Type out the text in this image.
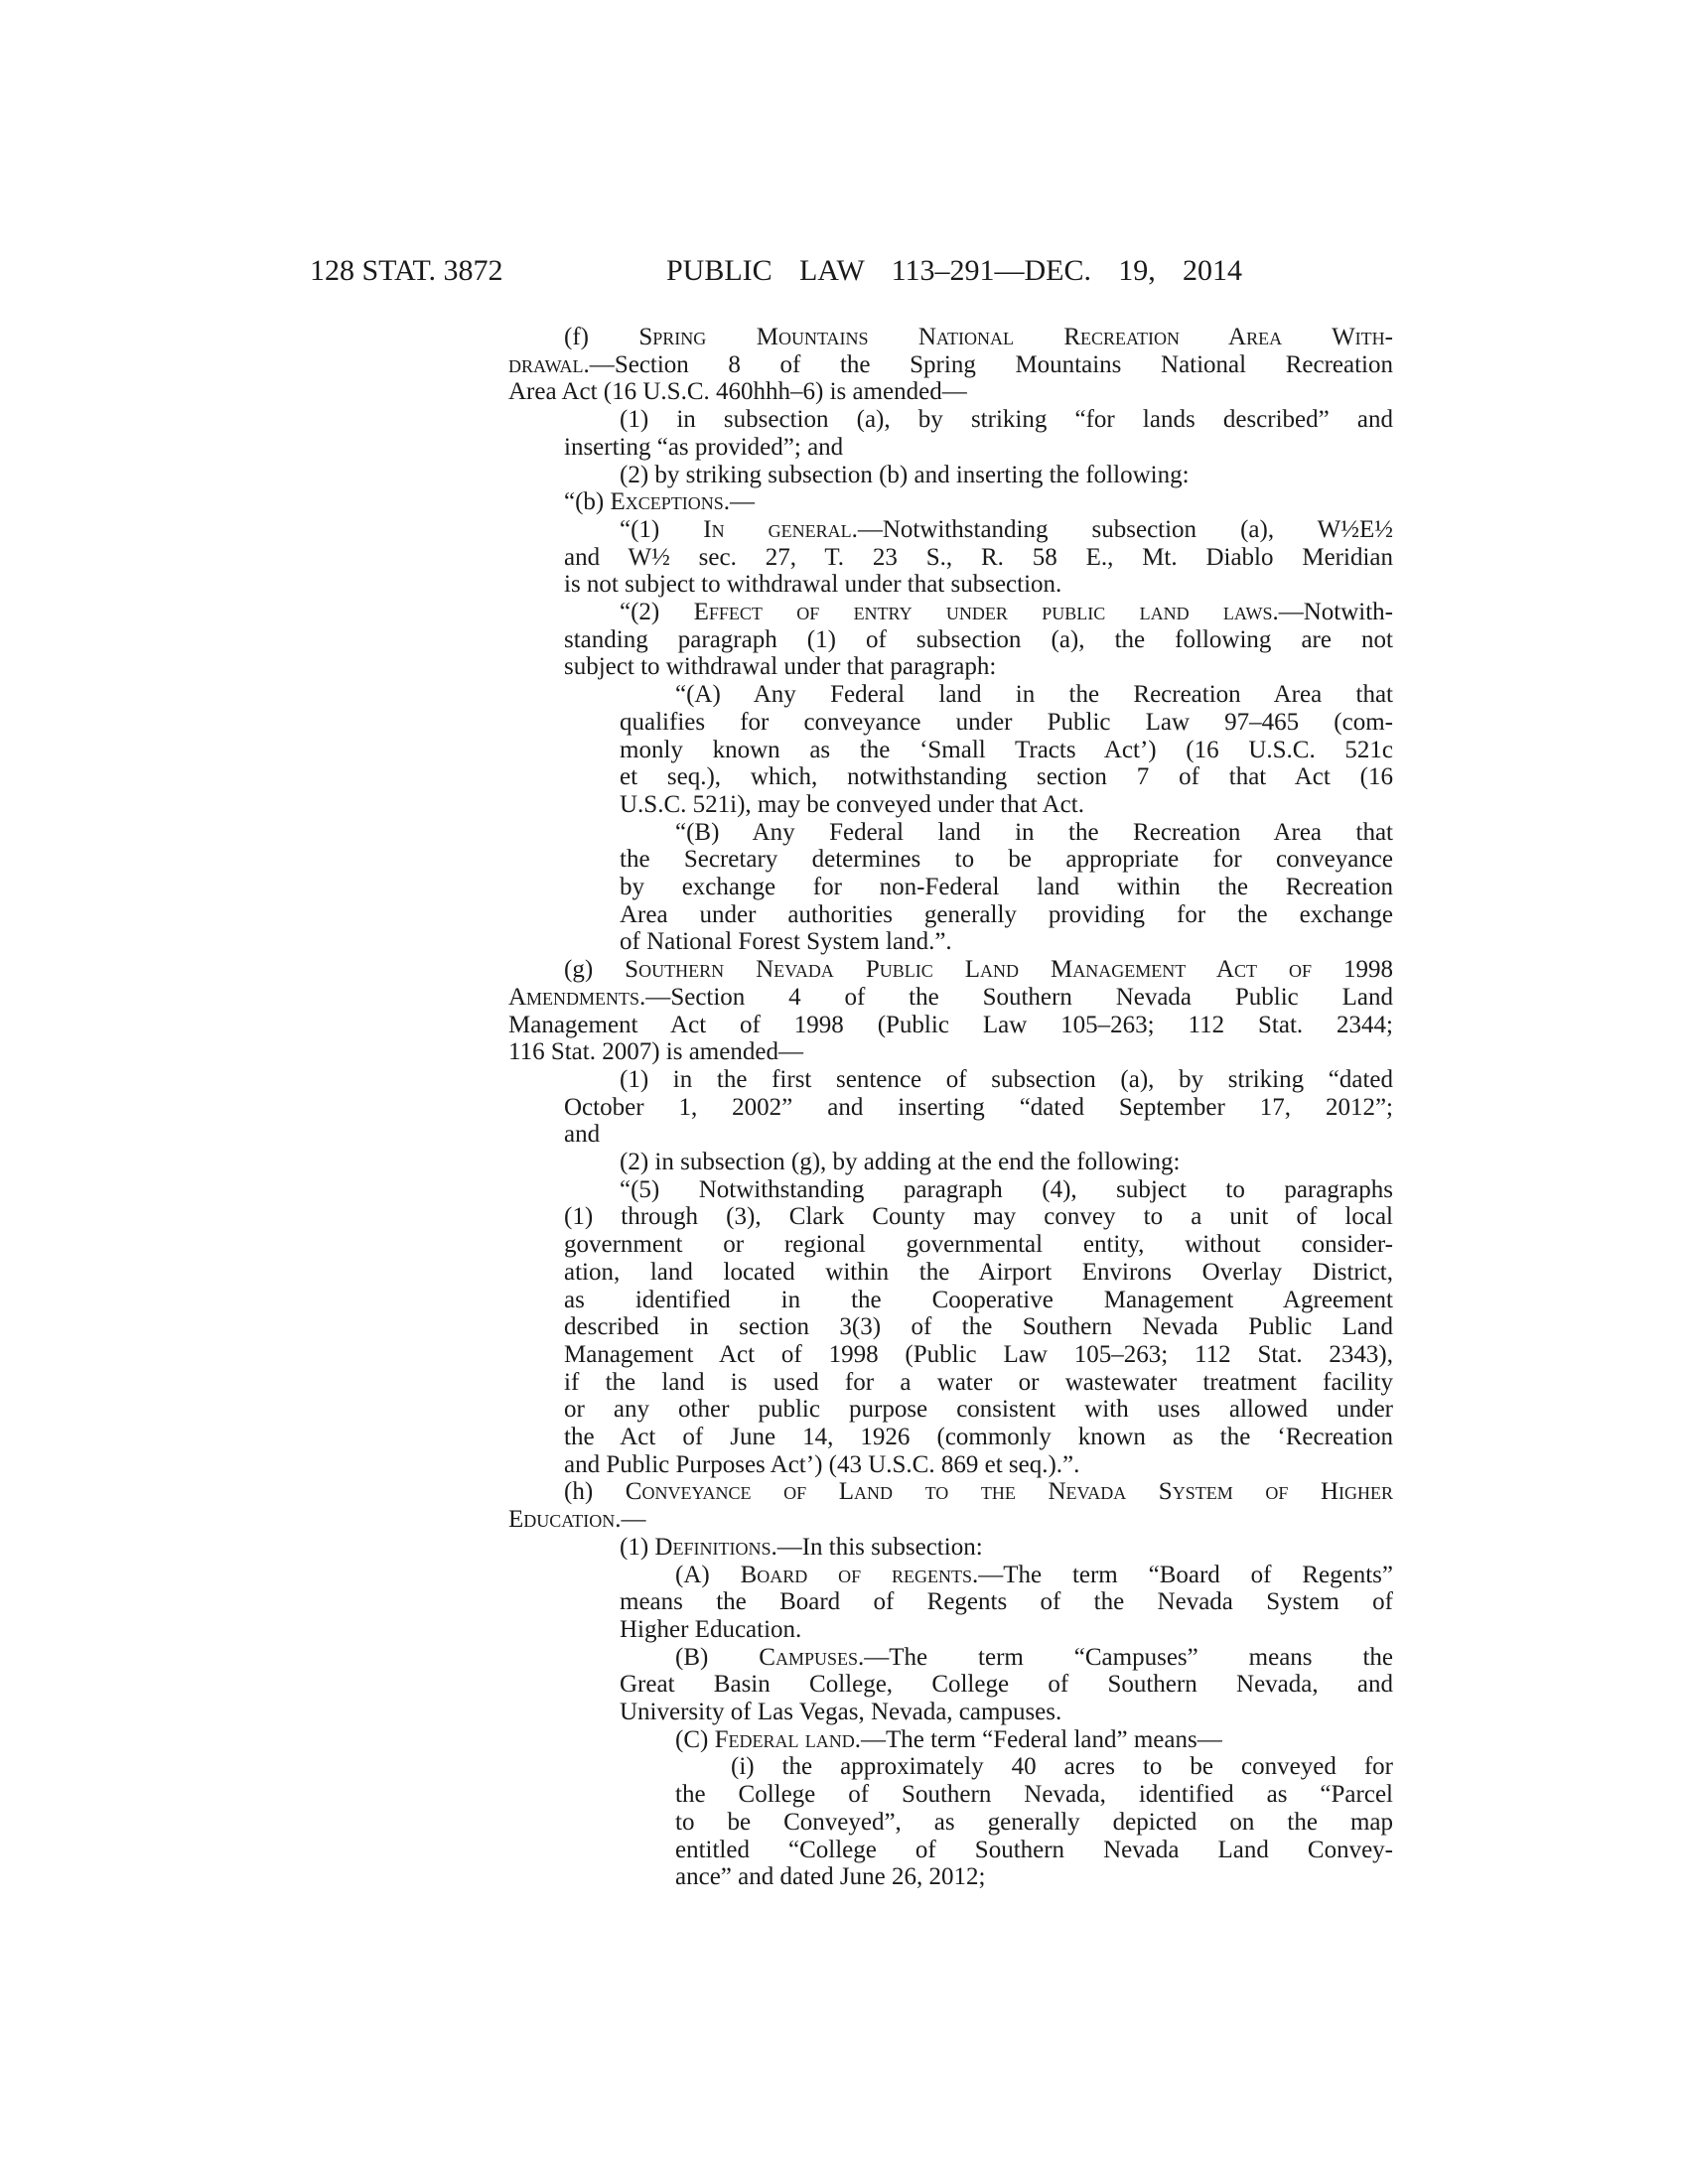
128 STAT. 3872	PUBLIC LAW 113–291—DEC. 19, 2014
(f) Spring Mountains National Recreation Area With-
drawal.—Section 8 of the Spring Mountains National Recreation
Area Act (16 U.S.C. 460hhh–6) is amended—
(1) in subsection (a), by striking “for lands described” and
inserting “as provided”; and
(2) by striking subsection (b) and inserting the following:
“(b) Exceptions.—
“(1) In general.—Notwithstanding subsection (a), W½E½
and W½ sec. 27, T. 23 S., R. 58 E., Mt. Diablo Meridian
is not subject to withdrawal under that subsection.
“(2) Effect of entry under public land laws.—Notwith-
standing paragraph (1) of subsection (a), the following are not
subject to withdrawal under that paragraph:
“(A) Any Federal land in the Recreation Area that
qualifies for conveyance under Public Law 97–465 (com-
monly known as the ‘Small Tracts Act’) (16 U.S.C. 521c
et seq.), which, notwithstanding section 7 of that Act (16
U.S.C. 521i), may be conveyed under that Act.
“(B) Any Federal land in the Recreation Area that
the Secretary determines to be appropriate for conveyance
by exchange for non-Federal land within the Recreation
Area under authorities generally providing for the exchange
of National Forest System land.”.
(g) Southern Nevada Public Land Management Act of 1998
Amendments.—Section 4 of the Southern Nevada Public Land
Management Act of 1998 (Public Law 105–263; 112 Stat. 2344;
116 Stat. 2007) is amended—
(1) in the first sentence of subsection (a), by striking “dated
October 1, 2002” and inserting “dated September 17, 2012”;
and
(2) in subsection (g), by adding at the end the following:
“(5) Notwithstanding paragraph (4), subject to paragraphs
(1) through (3), Clark County may convey to a unit of local
government or regional governmental entity, without consider-
ation, land located within the Airport Environs Overlay District,
as identified in the Cooperative Management Agreement
described in section 3(3) of the Southern Nevada Public Land
Management Act of 1998 (Public Law 105–263; 112 Stat. 2343),
if the land is used for a water or wastewater treatment facility
or any other public purpose consistent with uses allowed under
the Act of June 14, 1926 (commonly known as the ‘Recreation
and Public Purposes Act’) (43 U.S.C. 869 et seq.).”.
(h) Conveyance of Land to the Nevada System of Higher
Education.—
(1) Definitions.—In this subsection:
(A) Board of regents.—The term “Board of Regents”
means the Board of Regents of the Nevada System of
Higher Education.
(B) Campuses.—The term “Campuses” means the
Great Basin College, College of Southern Nevada, and
University of Las Vegas, Nevada, campuses.
(C) Federal land.—The term “Federal land” means—
(i) the approximately 40 acres to be conveyed for
the College of Southern Nevada, identified as “Parcel
to be Conveyed”, as generally depicted on the map
entitled “College of Southern Nevada Land Convey-
ance” and dated June 26, 2012;
